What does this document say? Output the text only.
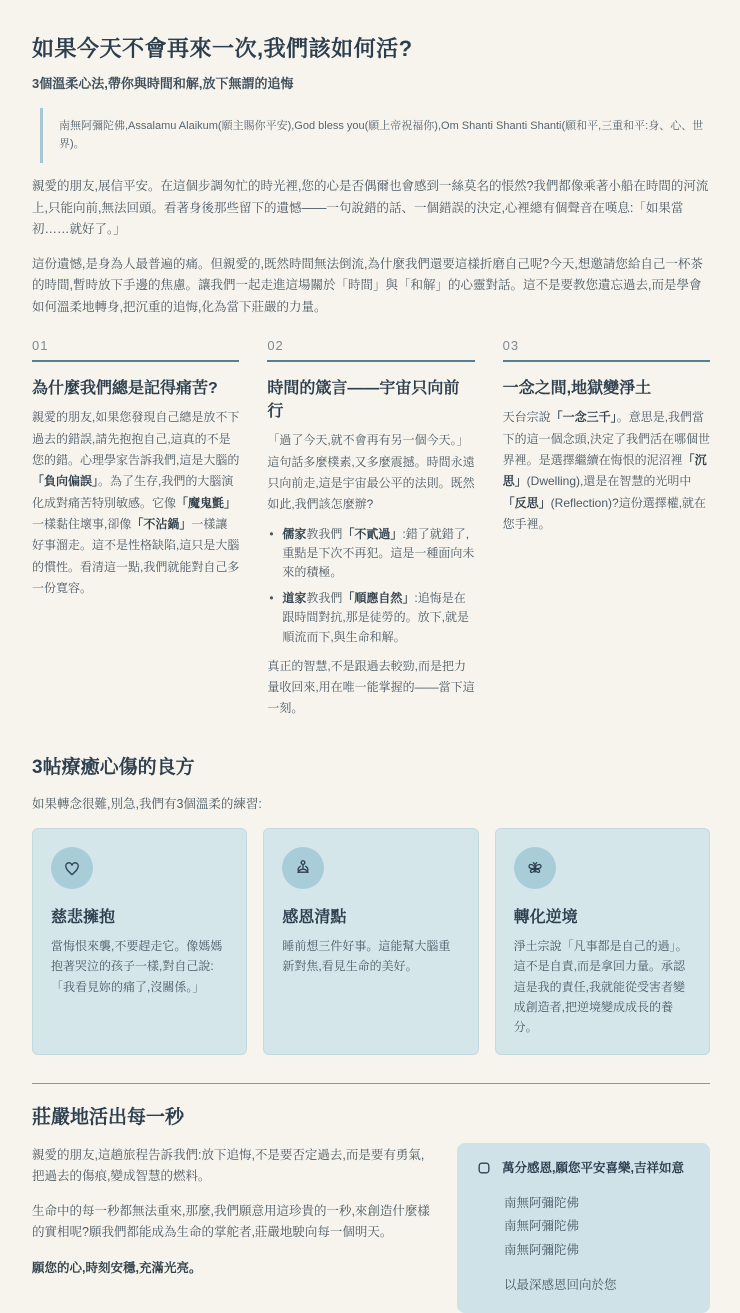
如果今天不會再來一次,我們該如何活?
3個溫柔心法,帶你與時間和解,放下無謂的追悔
南無阿彌陀佛,Assalamu Alaikum(願主賜你平安),God bless you(願上帝祝福你),Om Shanti Shanti Shanti(願和平,三重和平:身、心、世界)。

親愛的朋友,展信平安。在這個步調匆忙的時光裡,您的心是否偶爾也會感到一絲莫名的悵然?我們都像乘著小船在時間的河流上,只能向前,無法回頭。看著身後那些留下的遺憾——一句說錯的話、一個錯誤的決定,心裡總有個聲音在嘆息:「如果當初……就好了。」

這份遺憾,是身為人最普遍的痛。但親愛的,既然時間無法倒流,為什麼我們還要這樣折磨自己呢?今天,想邀請您給自己一杯茶的時間,暫時放下手邊的焦慮。讓我們一起走進這場關於「時間」與「和解」的心靈對話。這不是要教您遺忘過去,而是學會如何溫柔地轉身,把沉重的追悔,化為當下莊嚴的力量。

01
為什麼我們總是記得痛苦?

親愛的朋友,如果您發現自己總是放不下過去的錯誤,請先抱抱自己,這真的不是您的錯。心理學家告訴我們,這是大腦的「負向偏誤」。為了生存,我們的大腦演化成對痛苦特別敏感。它像「魔鬼氈」一樣黏住壞事,卻像「不沾鍋」一樣讓好事溜走。這不是性格缺陷,這只是大腦的慣性。看清這一點,我們就能對自己多一份寬容。

02
時間的箴言——宇宙只向前行

「過了今天,就不會再有另一個今天。」這句話多麼樸素,又多麼震撼。時間永遠只向前走,這是宇宙最公平的法則。既然如此,我們該怎麼辦?

• 儒家教我們「不貳過」:錯了就錯了,重點是下次不再犯。這是一種面向未來的積極。
• 道家教我們「順應自然」:追悔是在跟時間對抗,那是徒勞的。放下,就是順流而下,與生命和解。

真正的智慧,不是跟過去較勁,而是把力量收回來,用在唯一能掌握的——當下這一刻。

03
一念之間,地獄變淨土

天台宗說「一念三千」。意思是,我們當下的這一個念頭,決定了我們活在哪個世界裡。是選擇繼續在悔恨的泥沼裡「沉思」(Dwelling),還是在智慧的光明中「反思」(Reflection)?這份選擇權,就在您手裡。

3帖療癒心傷的良方

如果轉念很難,別急,我們有3個溫柔的練習:

慈悲擁抱

當悔恨來襲,不要趕走它。像媽媽抱著哭泣的孩子一樣,對自己說:「我看見妳的痛了,沒關係。」

感恩清點

睡前想三件好事。這能幫大腦重新對焦,看見生命的美好。

轉化逆境

淨土宗說「凡事都是自己的過」。這不是自責,而是拿回力量。承認這是我的責任,我就能從受害者變成創造者,把逆境變成成長的養分。

莊嚴地活出每一秒

親愛的朋友,這趟旅程告訴我們:放下追悔,不是要否定過去,而是要有勇氣,把過去的傷痕,變成智慧的燃料。

生命中的每一秒都無法重來,那麼,我們願意用這珍貴的一秒,來創造什麼樣的實相呢?願我們都能成為生命的掌舵者,莊嚴地駛向每一個明天。

願您的心,時刻安穩,充滿光亮。

萬分感恩,願您平安喜樂,吉祥如意
南無阿彌陀佛
南無阿彌陀佛
南無阿彌陀佛
以最深感恩回向於您
